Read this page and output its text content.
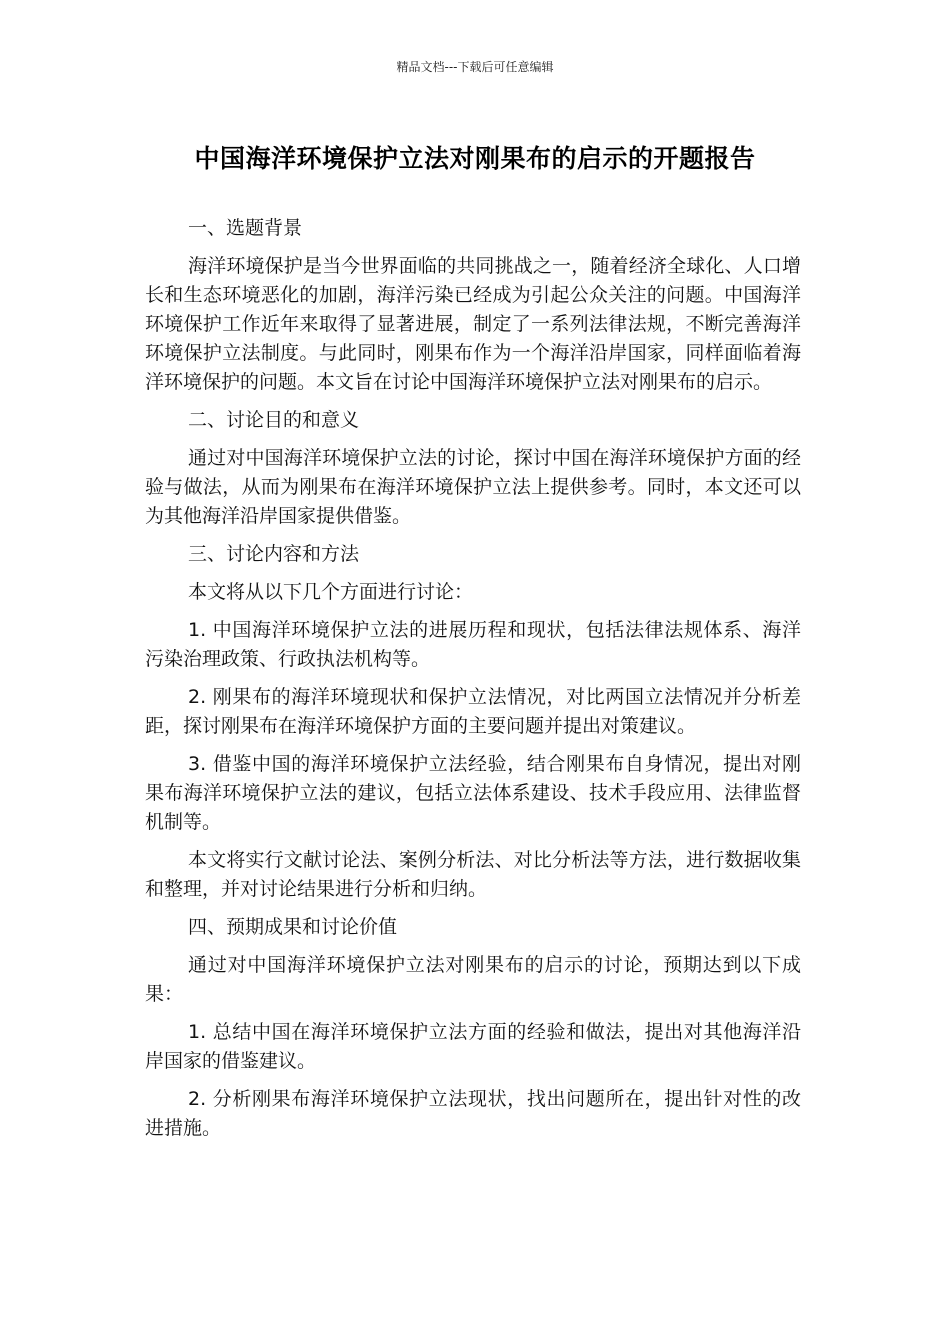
精品文档---下载后可任意编辑
中国海洋环境保护立法对刚果布的启示的开题报告

一、选题背景

海洋环境保护是当今世界面临的共同挑战之一，随着经济全球化、人口增长和生态环境恶化的加剧，海洋污染已经成为引起公众关注的问题。中国海洋环境保护工作近年来取得了显著进展，制定了一系列法律法规，不断完善海洋环境保护立法制度。与此同时，刚果布作为一个海洋沿岸国家，同样面临着海洋环境保护的问题。本文旨在讨论中国海洋环境保护立法对刚果布的启示。

二、讨论目的和意义

通过对中国海洋环境保护立法的讨论，探讨中国在海洋环境保护方面的经验与做法，从而为刚果布在海洋环境保护立法上提供参考。同时，本文还可以为其他海洋沿岸国家提供借鉴。

三、讨论内容和方法

本文将从以下几个方面进行讨论：

1. 中国海洋环境保护立法的进展历程和现状，包括法律法规体系、海洋污染治理政策、行政执法机构等。

2. 刚果布的海洋环境现状和保护立法情况，对比两国立法情况并分析差距，探讨刚果布在海洋环境保护方面的主要问题并提出对策建议。

3. 借鉴中国的海洋环境保护立法经验，结合刚果布自身情况，提出对刚果布海洋环境保护立法的建议，包括立法体系建设、技术手段应用、法律监督机制等。

本文将实行文献讨论法、案例分析法、对比分析法等方法，进行数据收集和整理，并对讨论结果进行分析和归纳。

四、预期成果和讨论价值

通过对中国海洋环境保护立法对刚果布的启示的讨论，预期达到以下成果：

1. 总结中国在海洋环境保护立法方面的经验和做法，提出对其他海洋沿岸国家的借鉴建议。

2. 分析刚果布海洋环境保护立法现状，找出问题所在，提出针对性的改进措施。
